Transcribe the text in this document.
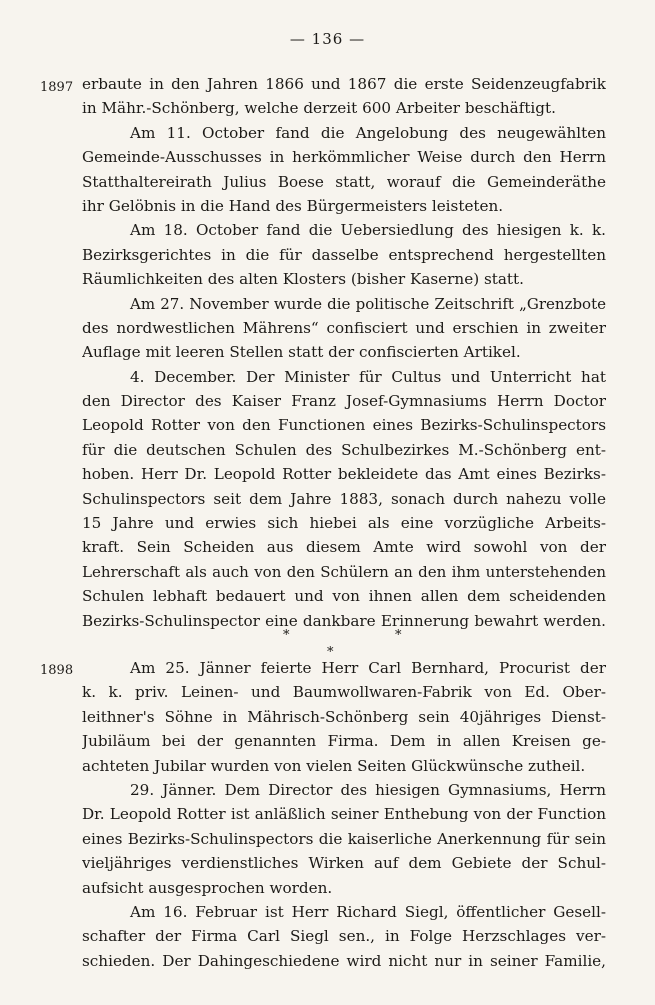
— 136 —
1897 erbaute in den Jahren 1866 und 1867 die erste Seidenzeugfabrik
in Mähr.-Schönberg, welche derzeit 600 Arbeiter beschäftigt.
Am 11. October fand die Angelobung des neugewählten
Gemeinde-Ausschusses in herkömmlicher Weise durch den Herrn
Statthaltereirath Julius Boese statt, worauf die Gemeinderäthe
ihr Gelöbnis in die Hand des Bürgermeisters leisteten.
Am 18. October fand die Uebersiedlung des hiesigen k. k.
Bezirksgerichtes in die für dasselbe entsprechend hergestellten
Räumlichkeiten des alten Klosters (bisher Kaserne) statt.
Am 27. November wurde die politische Zeitschrift „Grenzbote
des nordwestlichen Mährens“ confisciert und erschien in zweiter
Auflage mit leeren Stellen statt der confiscierten Artikel.
4. December. Der Minister für Cultus und Unterricht hat
den Director des Kaiser Franz Josef-Gymnasiums Herrn Doctor
Leopold Rotter von den Functionen eines Bezirks-Schulinspectors
für die deutschen Schulen des Schulbezirkes M.-Schönberg ent-
hoben. Herr Dr. Leopold Rotter bekleidete das Amt eines Bezirks-
Schulinspectors seit dem Jahre 1883, sonach durch nahezu volle
15 Jahre und erwies sich hiebei als eine vorzügliche Arbeits-
kraft. Sein Scheiden aus diesem Amte wird sowohl von der
Lehrerschaft als auch von den Schülern an den ihm unterstehenden
Schulen lebhaft bedauert und von ihnen allen dem scheidenden
Bezirks-Schulinspector eine dankbare Erinnerung bewahrt werden.
*	*
*
1898	Am 25. Jänner feierte Herr Carl Bernhard, Procurist der
k. k. priv. Leinen- und Baumwollwaren-Fabrik von Ed. Ober-
leithner's Söhne in Mährisch-Schönberg sein 40jähriges Dienst-
Jubiläum bei der genannten Firma. Dem in allen Kreisen ge-
achteten Jubilar wurden von vielen Seiten Glückwünsche zutheil.
29. Jänner. Dem Director des hiesigen Gymnasiums, Herrn
Dr. Leopold Rotter ist anläßlich seiner Enthebung von der Function
eines Bezirks-Schulinspectors die kaiserliche Anerkennung für sein
vieljähriges verdienstliches Wirken auf dem Gebiete der Schul-
aufsicht ausgesprochen worden.
Am 16. Februar ist Herr Richard Siegl, öffentlicher Gesell-
schafter der Firma Carl Siegl sen., in Folge Herzschlages ver-
schieden. Der Dahingeschiedene wird nicht nur in seiner Familie,
